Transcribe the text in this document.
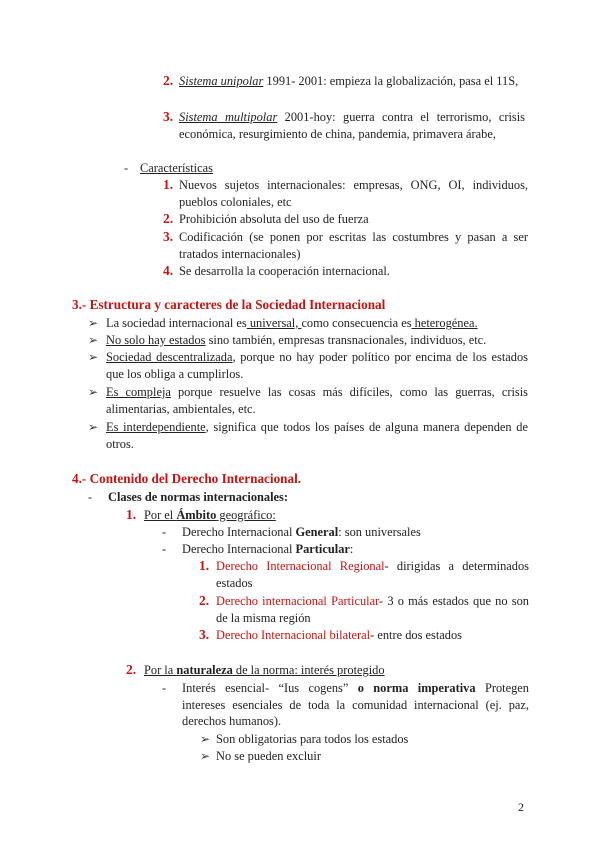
2. Sistema unipolar 1991- 2001: empieza la globalización, pasa el 11S,
3. Sistema multipolar 2001-hoy: guerra contra el terrorismo, crisis económica, resurgimiento de china, pandemia, primavera árabe,
- Características
1. Nuevos sujetos internacionales: empresas, ONG, OI, individuos, pueblos coloniales, etc
2. Prohibición absoluta del uso de fuerza
3. Codificación (se ponen por escritas las costumbres y pasan a ser tratados internacionales)
4. Se desarrolla la cooperación internacional.
3.- Estructura y caracteres de la Sociedad Internacional
➢ La sociedad internacional es universal, como consecuencia es heterogénea.
➢ No solo hay estados sino también, empresas transnacionales, individuos, etc.
➢ Sociedad descentralizada, porque no hay poder político por encima de los estados que los obliga a cumplirlos.
➢ Es compleja porque resuelve las cosas más difíciles, como las guerras, crisis alimentarias, ambientales, etc.
➢ Es interdependiente, significa que todos los países de alguna manera dependen de otros.
4.- Contenido del Derecho Internacional.
-	Clases de normas internacionales:
1. Por el Ámbito geográfico:
-	Derecho Internacional General: son universales
-	Derecho Internacional Particular:
1. Derecho Internacional Regional- dirigidas a determinados estados
2. Derecho internacional Particular- 3 o más estados que no son de la misma región
3. Derecho Internacional bilateral- entre dos estados
2. Por la naturaleza de la norma: interés protegido
-	Interés esencial- “Ius cogens” o norma imperativa Protegen intereses esenciales de toda la comunidad internacional (ej. paz, derechos humanos).
➢ Son obligatorias para todos los estados
➢ No se pueden excluir
2
